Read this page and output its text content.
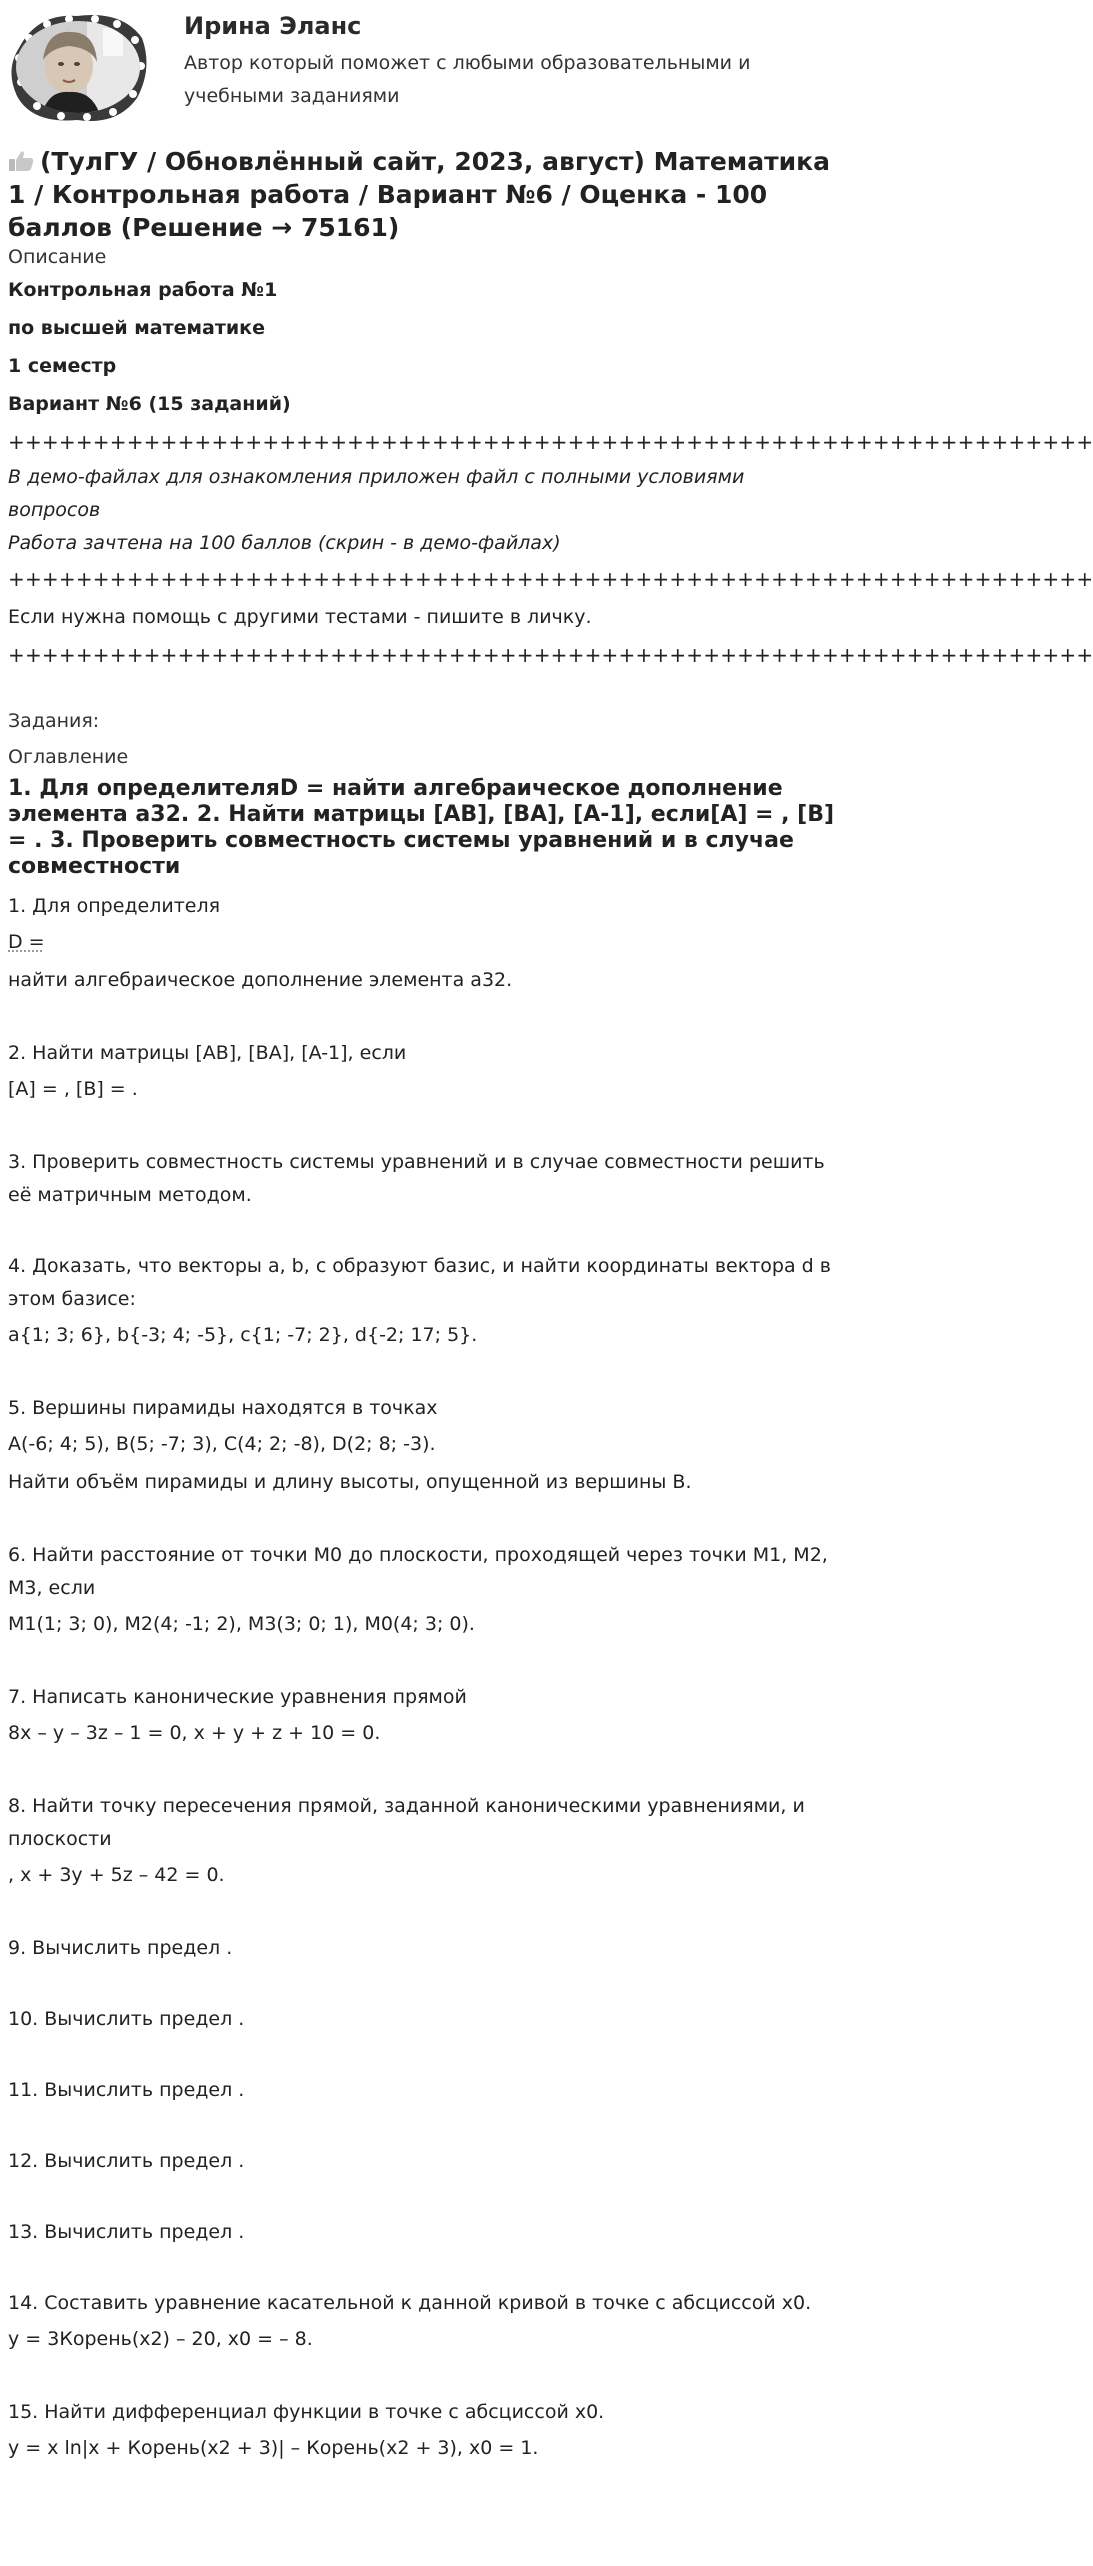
Ирина Эланс
Автор который поможет с любыми образовательными и учебными заданиями
(ТулГУ / Обновлённый сайт, 2023, август) Математика 1 / Контрольная работа / Вариант №6 / Оценка - 100 баллов (Решение → 75161)
Описание

Контрольная работа №1

по высшей математике

1 семестр

Вариант №6 (15 заданий)

++++++++++++++++++++++++++++++++++++++++++++++++++++++++++++++++

В демо-файлах для ознакомления приложен файл с полными условиями вопросов

Работа зачтена на 100 баллов (скрин - в демо-файлах)

++++++++++++++++++++++++++++++++++++++++++++++++++++++++++++++++

Если нужна помощь с другими тестами - пишите в личку.

++++++++++++++++++++++++++++++++++++++++++++++++++++++++++++++++

Задания:
Оглавление
1. Для определителяD = найти алгебраическое дополнение элемента a32. 2. Найти матрицы [AB], [BA], [A-1], если[A] = , [B] = . 3. Проверить совместность системы уравнений и в случае совместности

1. Для определителя

D =

найти алгебраическое дополнение элемента a32.

2. Найти матрицы [AB], [BA], [A-1], если

[A] = , [B] = .

3. Проверить совместность системы уравнений и в случае совместности решить её матричным методом.

4. Доказать, что векторы a, b, c образуют базис, и найти координаты вектора d в этом базисе:

a{1; 3; 6}, b{-3; 4; -5}, c{1; -7; 2}, d{-2; 17; 5}.

5. Вершины пирамиды находятся в точках

A(-6; 4; 5), B(5; -7; 3), C(4; 2; -8), D(2; 8; -3).

Найти объём пирамиды и длину высоты, опущенной из вершины B.

6. Найти расстояние от точки M0 до плоскости, проходящей через точки M1, M2, M3, если

M1(1; 3; 0), M2(4; -1; 2), M3(3; 0; 1), M0(4; 3; 0).

7. Написать канонические уравнения прямой

8x – y – 3z – 1 = 0, x + y + z + 10 = 0.

8. Найти точку пересечения прямой, заданной каноническими уравнениями, и плоскости

, x + 3y + 5z – 42 = 0.

9. Вычислить предел .

10. Вычислить предел .

11. Вычислить предел .

12. Вычислить предел .

13. Вычислить предел .

14. Составить уравнение касательной к данной кривой в точке с абсциссой x0.

y = 3Корень(x2) – 20, x0 = – 8.

15. Найти дифференциал функции в точке с абсциссой x0.

y = x ln|x + Корень(x2 + 3)| – Корень(x2 + 3), x0 = 1.
